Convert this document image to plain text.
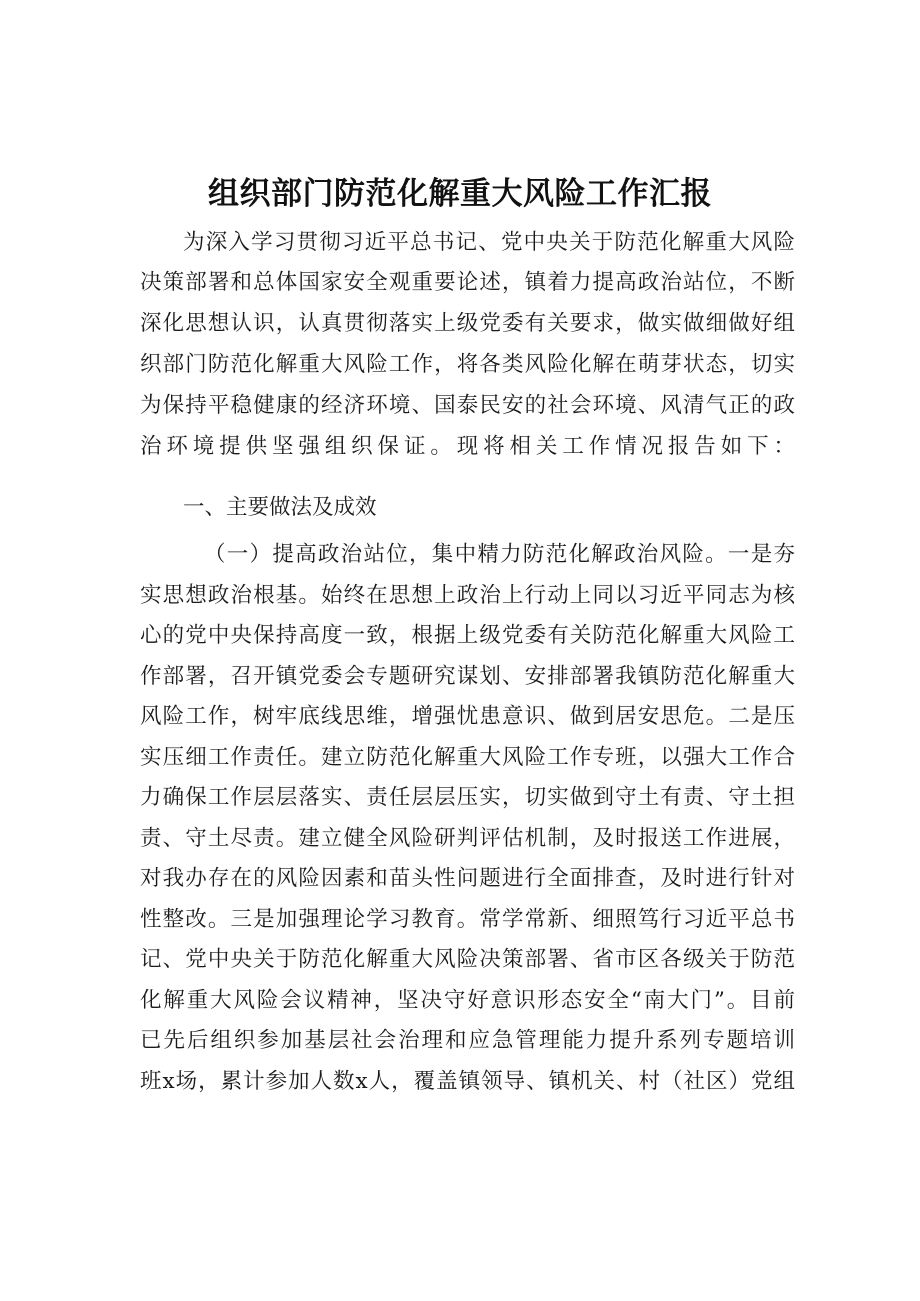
组织部门防范化解重大风险工作汇报
为深入学习贯彻习近平总书记、党中央关于防范化解重大风险
决策部署和总体国家安全观重要论述，镇着力提高政治站位，不断
深化思想认识，认真贯彻落实上级党委有关要求，做实做细做好组
织部门防范化解重大风险工作，将各类风险化解在萌芽状态，切实
为保持平稳健康的经济环境、国泰民安的社会环境、风清气正的政
治环境提供坚强组织保证。现将相关工作情况报告如下：
一、主要做法及成效
（一）提高政治站位，集中精力防范化解政治风险。一是夯
实思想政治根基。始终在思想上政治上行动上同以习近平同志为核
心的党中央保持高度一致，根据上级党委有关防范化解重大风险工
作部署，召开镇党委会专题研究谋划、安排部署我镇防范化解重大
风险工作，树牢底线思维，增强忧患意识、做到居安思危。二是压
实压细工作责任。建立防范化解重大风险工作专班，以强大工作合
力确保工作层层落实、责任层层压实，切实做到守土有责、守土担
责、守土尽责。建立健全风险研判评估机制，及时报送工作进展，
对我办存在的风险因素和苗头性问题进行全面排查，及时进行针对
性整改。三是加强理论学习教育。常学常新、细照笃行习近平总书
记、党中央关于防范化解重大风险决策部署、省市区各级关于防范
化解重大风险会议精神，坚决守好意识形态安全“南大门”。目前
已先后组织参加基层社会治理和应急管理能力提升系列专题培训
班x场，累计参加人数x人，覆盖镇领导、镇机关、村（社区）党组
